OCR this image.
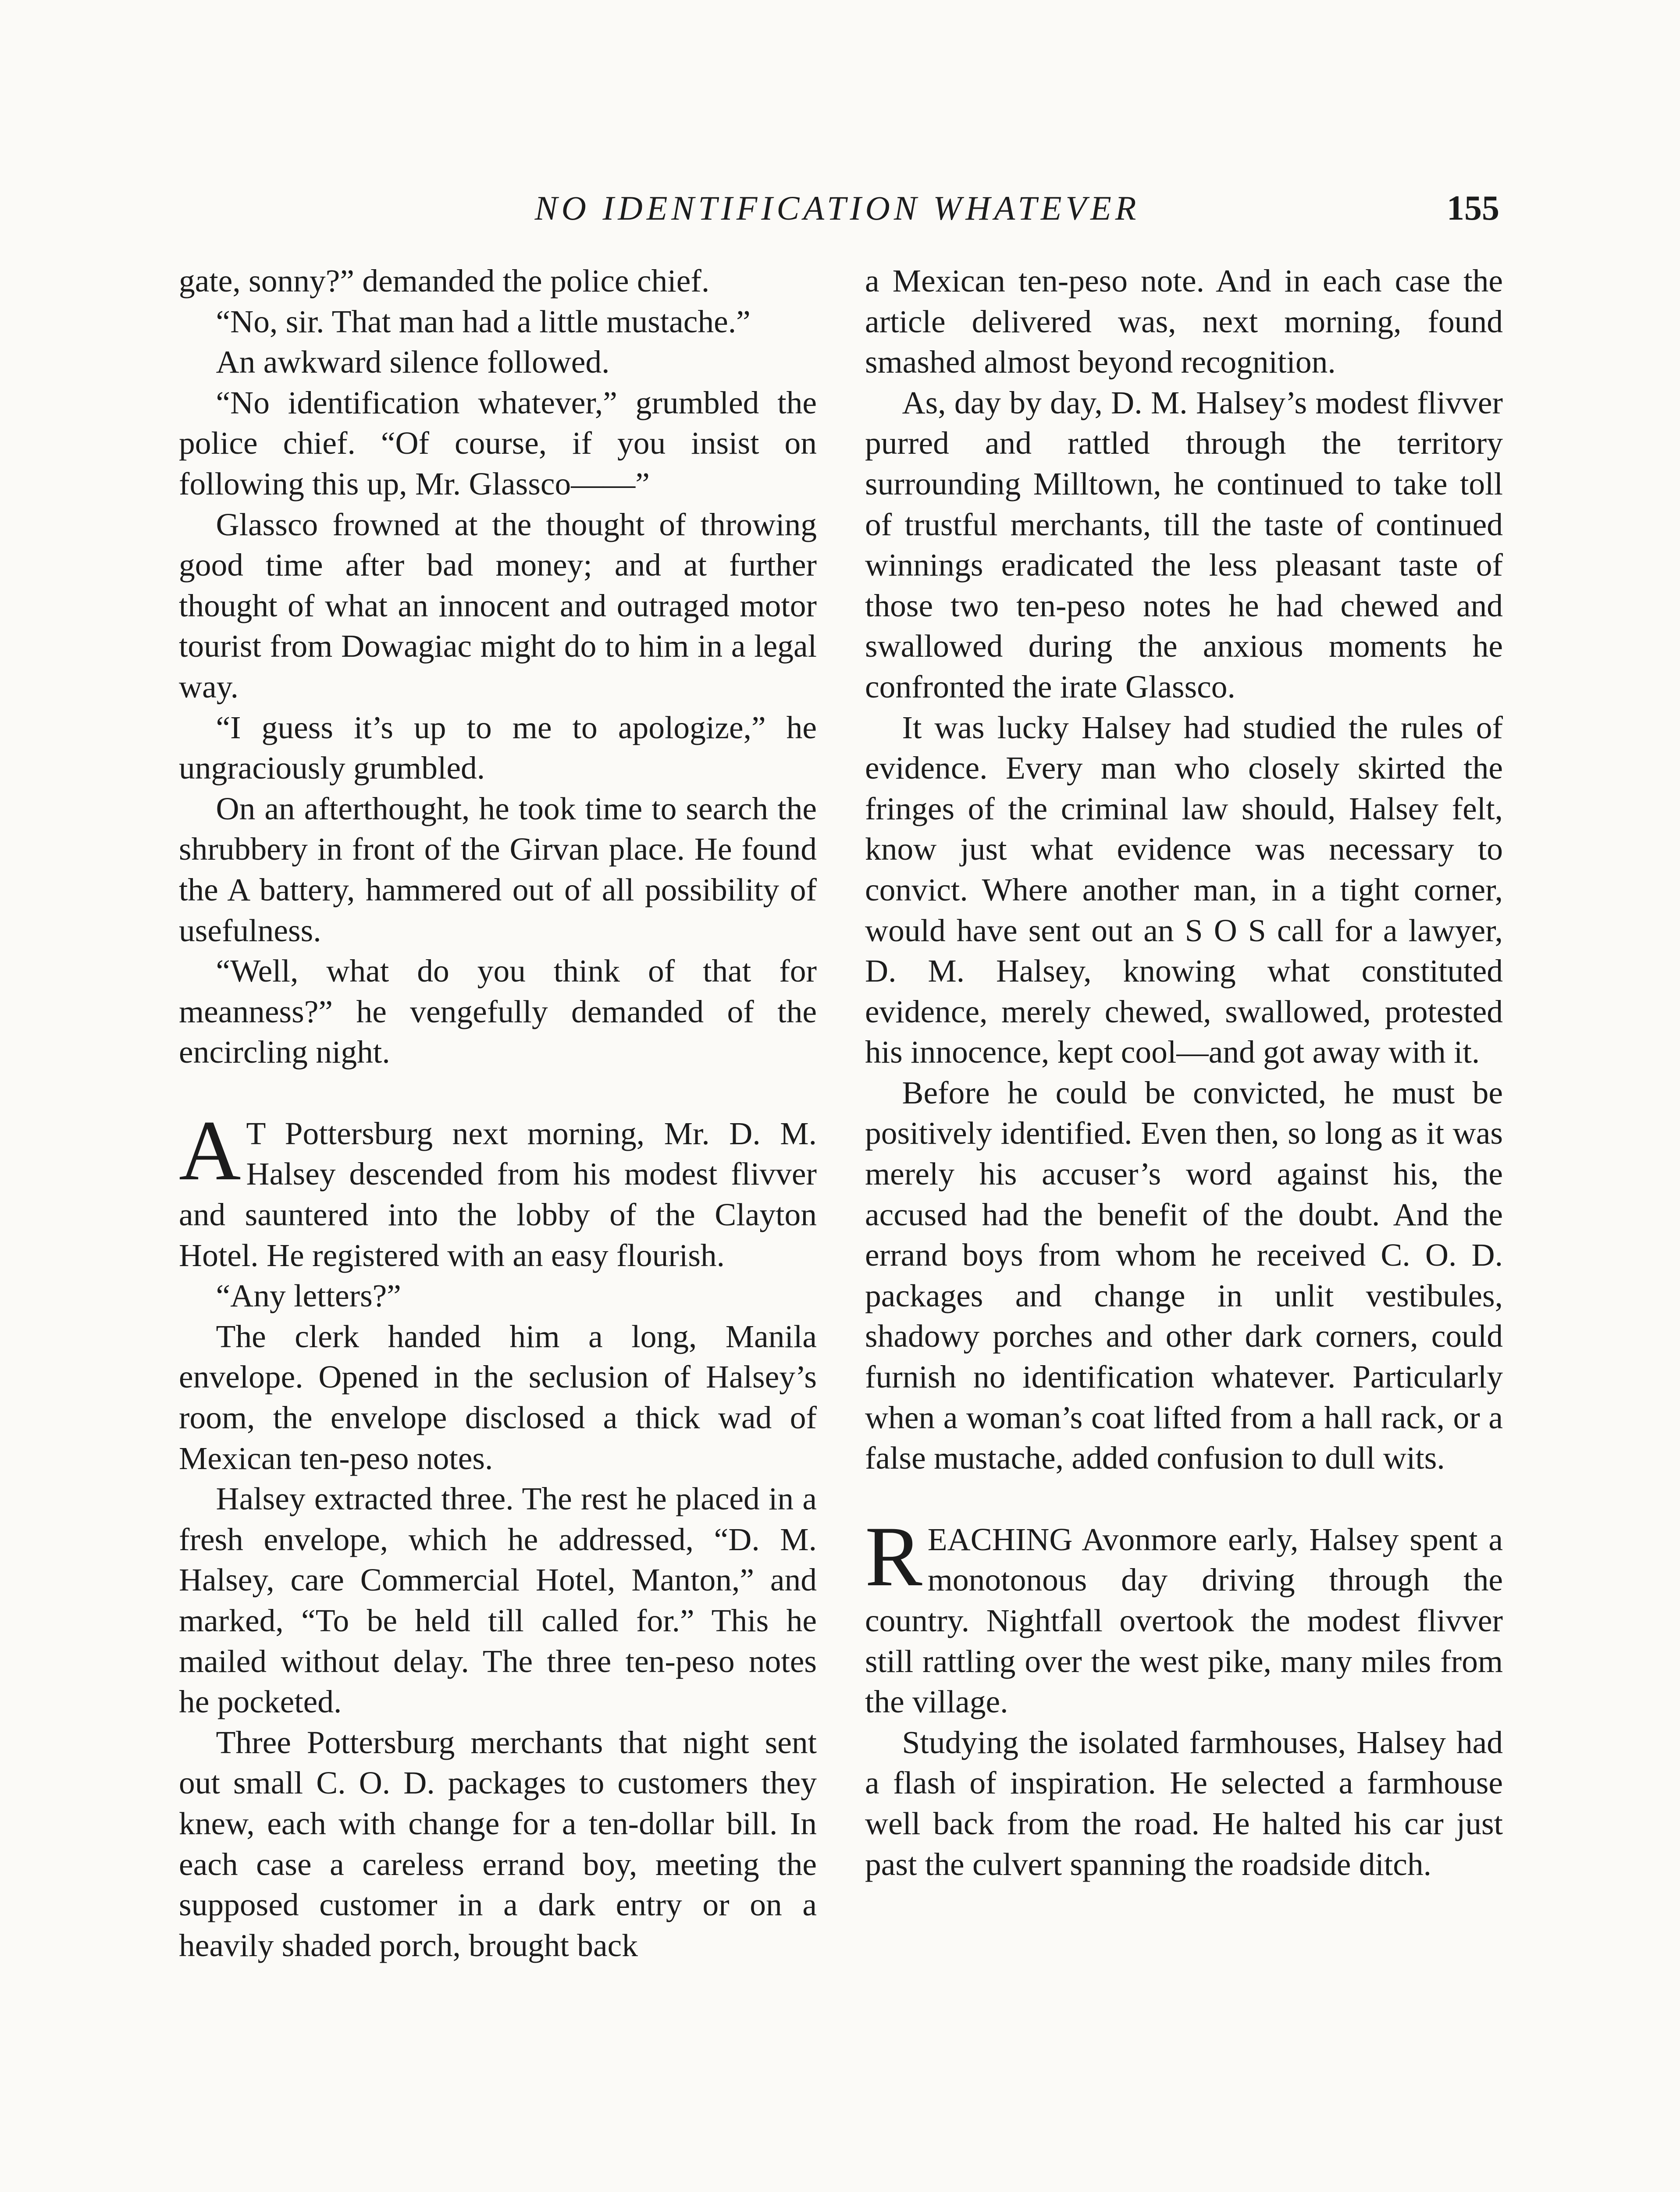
NO IDENTIFICATION WHATEVER	155

gate, sonny?” demanded the police chief.

“No, sir. That man had a little mustache.”

An awkward silence followed.

“No identification whatever,” grumbled the police chief. “Of course, if you insist on following this up, Mr. Glassco——”

Glassco frowned at the thought of throwing good time after bad money; and at further thought of what an innocent and outraged motor tourist from Dowagiac might do to him in a legal way.

“I guess it’s up to me to apologize,” he ungraciously grumbled.

On an afterthought, he took time to search the shrubbery in front of the Girvan place. He found the A battery, hammered out of all possibility of usefulness.

“Well, what do you think of that for meanness?” he vengefully demanded of the encircling night.

A T Pottersburg next morning, Mr. D. M. Halsey descended from his modest flivver and sauntered into the lobby of the Clayton Hotel. He registered with an easy flourish.

“Any letters?”

The clerk handed him a long, Manila envelope. Opened in the seclusion of Halsey’s room, the envelope disclosed a thick wad of Mexican ten-peso notes.

Halsey extracted three. The rest he placed in a fresh envelope, which he addressed, “D. M. Halsey, care Commercial Hotel, Manton,” and marked, “To be held till called for.” This he mailed without delay. The three ten-peso notes he pocketed.

Three Pottersburg merchants that night sent out small C. O. D. packages to customers they knew, each with change for a ten-dollar bill. In each case a careless errand boy, meeting the supposed customer in a dark entry or on a heavily shaded porch, brought back

a Mexican ten-peso note. And in each case the article delivered was, next morning, found smashed almost beyond recognition.

As, day by day, D. M. Halsey’s modest flivver purred and rattled through the territory surrounding Milltown, he continued to take toll of trustful merchants, till the taste of continued winnings eradicated the less pleasant taste of those two ten-peso notes he had chewed and swallowed during the anxious moments he confronted the irate Glassco.

It was lucky Halsey had studied the rules of evidence. Every man who closely skirted the fringes of the criminal law should, Halsey felt, know just what evidence was necessary to convict. Where another man, in a tight corner, would have sent out an S O S call for a lawyer, D. M. Halsey, knowing what constituted evidence, merely chewed, swallowed, protested his innocence, kept cool—and got away with it.

Before he could be convicted, he must be positively identified. Even then, so long as it was merely his accuser’s word against his, the accused had the benefit of the doubt. And the errand boys from whom he received C. O. D. packages and change in unlit vestibules, shadowy porches and other dark corners, could furnish no identification whatever. Particularly when a woman’s coat lifted from a hall rack, or a false mustache, added confusion to dull wits.

REACHING Avonmore early, Halsey spent a monotonous day driving through the country. Nightfall overtook the modest flivver still rattling over the west pike, many miles from the village.

Studying the isolated farmhouses, Halsey had a flash of inspiration. He selected a farmhouse well back from the road. He halted his car just past the culvert spanning the roadside ditch.
